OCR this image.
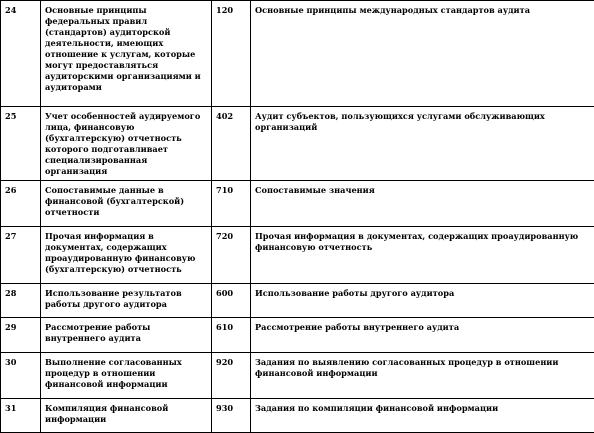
24	Основные принципы федеральных правил (стандартов) аудиторской деятельности, имеющих отношение к услугам, которые могут предоставляться аудиторскими организациями и аудиторами	120	Основные принципы международных стандартов аудита
25	Учет особенностей аудируемого лица, финансовую (бухгалтерскую) отчетность которого подготавливает специализированная организация	402	Аудит субъектов, пользующихся услугами обслуживающих организаций
26	Сопоставимые данные в финансовой (бухгалтерской) отчетности	710	Сопоставимые значения
27	Прочая информация в документах, содержащих проаудированную финансовую (бухгалтерскую) отчетность	720	Прочая информация в документах, содержащих проаудированную финансовую отчетность
28	Использование результатов работы другого аудитора	600	Использование работы другого аудитора
29	Рассмотрение работы внутреннего аудита	610	Рассмотрение работы внутреннего аудита
30	Выполнение согласованных процедур в отношении финансовой информации	920	Задания по выявлению согласованных процедур в отношении финансовой информации
31	Компиляция финансовой информации	930	Задания по компиляции финансовой информации
